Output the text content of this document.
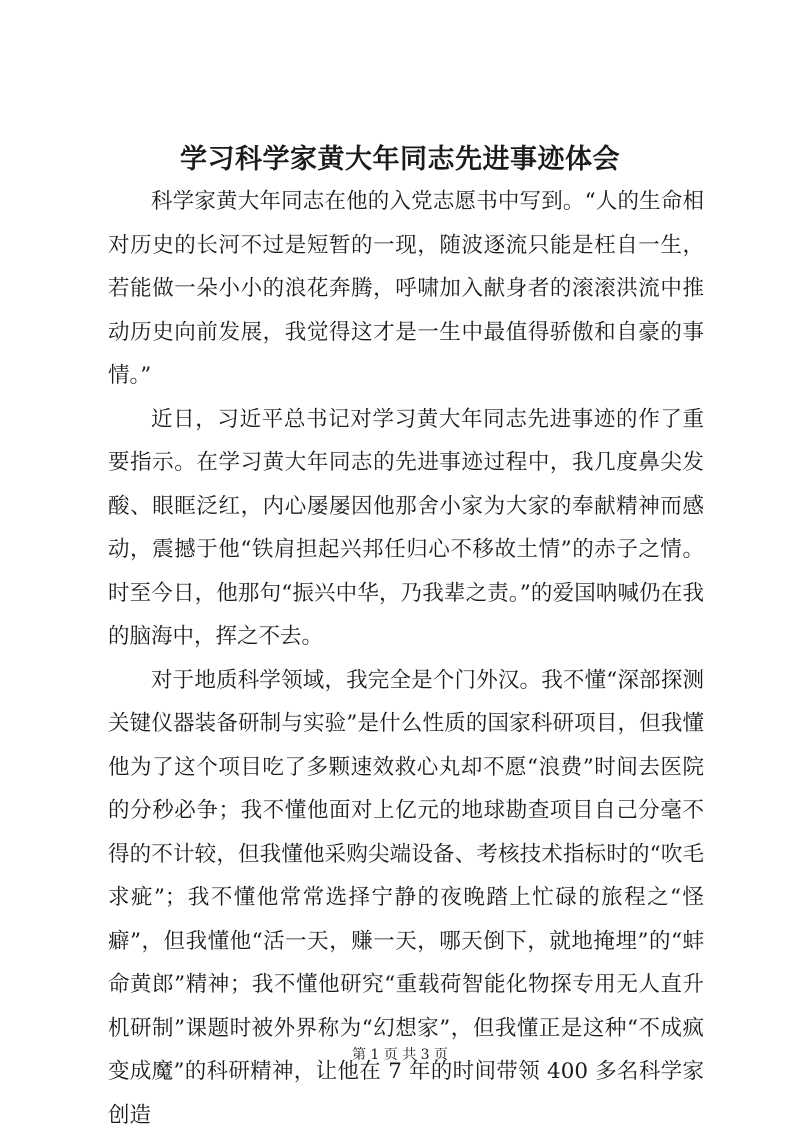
学习科学家黄大年同志先进事迹体会

科学家黄大年同志在他的入党志愿书中写到。“人的生命相对历史的长河不过是短暂的一现，随波逐流只能是枉自一生，若能做一朵小小的浪花奔腾，呼啸加入献身者的滚滚洪流中推动历史向前发展，我觉得这才是一生中最值得骄傲和自豪的事情。”

近日，习近平总书记对学习黄大年同志先进事迹的作了重要指示。在学习黄大年同志的先进事迹过程中，我几度鼻尖发酸、眼眶泛红，内心屡屡因他那舍小家为大家的奉献精神而感动，震撼于他“铁肩担起兴邦任归心不移故土情”的赤子之情。时至今日，他那句“振兴中华，乃我辈之责。”的爱国呐喊仍在我的脑海中，挥之不去。

对于地质科学领域，我完全是个门外汉。我不懂“深部探测关键仪器装备研制与实验”是什么性质的国家科研项目，但我懂他为了这个项目吃了多颗速效救心丸却不愿“浪费”时间去医院的分秒必争；我不懂他面对上亿元的地球勘查项目自己分毫不得的不计较，但我懂他采购尖端设备、考核技术指标时的“吹毛求疵”；我不懂他常常选择宁静的夜晚踏上忙碌的旅程之“怪癖”，但我懂他“活一天，赚一天，哪天倒下，就地掩埋”的“蚌命黄郎”精神；我不懂他研究“重载荷智能化物探专用无人直升机研制”课题时被外界称为“幻想家”，但我懂正是这种“不成疯变成魔”的科研精神，让他在 7 年的时间带领 400 多名科学家创造

第 1 页 共 3 页
